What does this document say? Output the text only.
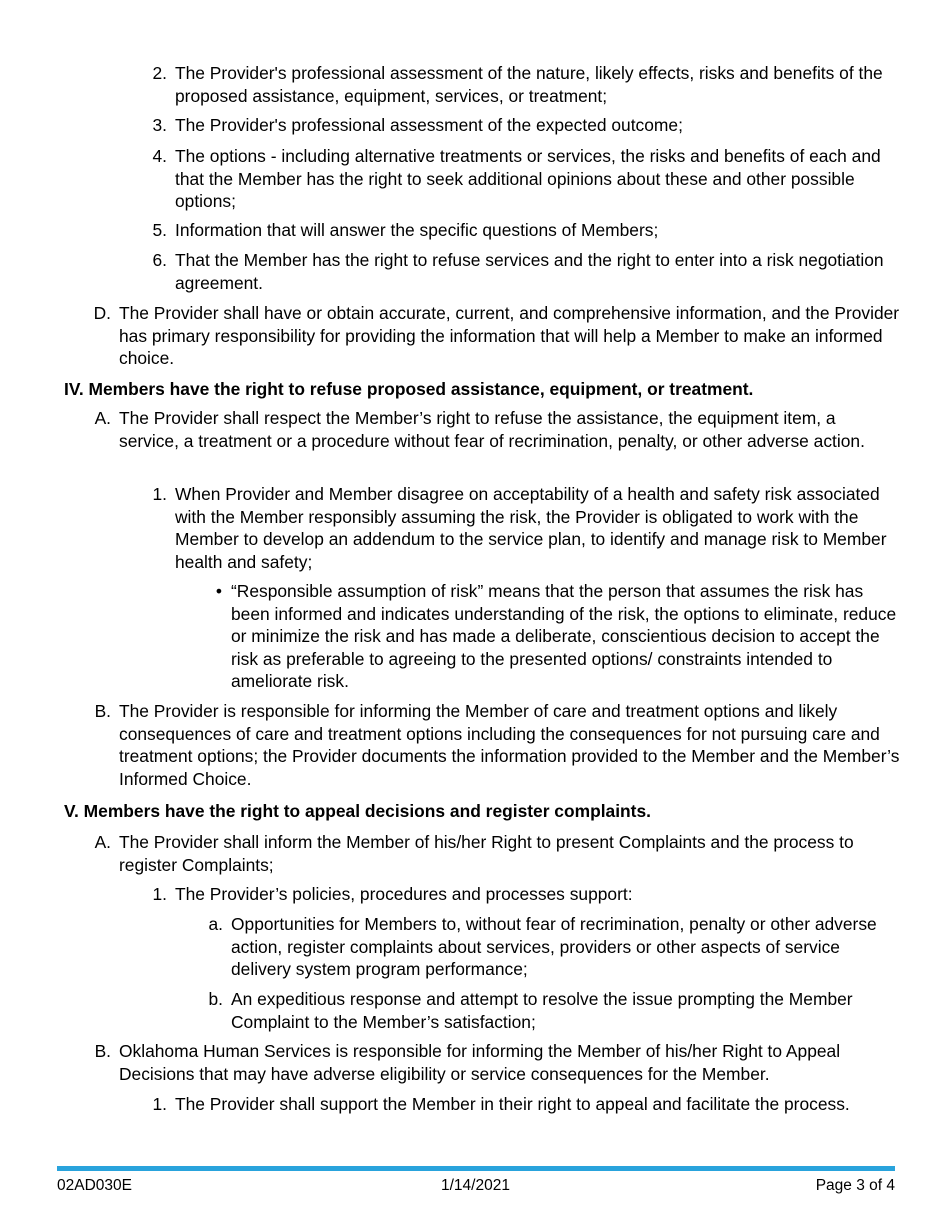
2. The Provider's professional assessment of the nature, likely effects, risks and benefits of the proposed assistance, equipment, services, or treatment;
3. The Provider's professional assessment of the expected outcome;
4. The options - including alternative treatments or services, the risks and benefits of each and that the Member has the right to seek additional opinions about these and other possible options;
5. Information that will answer the specific questions of Members;
6. That the Member has the right to refuse services and the right to enter into a risk negotiation agreement.
D. The Provider shall have or obtain accurate, current, and comprehensive information, and the Provider has primary responsibility for providing the information that will help a Member to make an informed choice.
IV. Members have the right to refuse proposed assistance, equipment, or treatment.
A. The Provider shall respect the Member’s right to refuse the assistance, the equipment item, a service, a treatment or a procedure without fear of recrimination, penalty, or other adverse action.
1. When Provider and Member disagree on acceptability of a health and safety risk associated with the Member responsibly assuming the risk, the Provider is obligated to work with the Member to develop an addendum to the service plan, to identify and manage risk to Member health and safety;
• “Responsible assumption of risk” means that the person that assumes the risk has been informed and indicates understanding of the risk, the options to eliminate, reduce or minimize the risk and has made a deliberate, conscientious decision to accept the risk as preferable to agreeing to the presented options/ constraints intended to ameliorate risk.
B. The Provider is responsible for informing the Member of care and treatment options and likely consequences of care and treatment options including the consequences for not pursuing care and treatment options; the Provider documents the information provided to the Member and the Member’s Informed Choice.
V. Members have the right to appeal decisions and register complaints.
A. The Provider shall inform the Member of his/her Right to present Complaints and the process to register Complaints;
1. The Provider’s policies, procedures and processes support:
a. Opportunities for Members to, without fear of recrimination, penalty or other adverse action, register complaints about services, providers or other aspects of service delivery system program performance;
b. An expeditious response and attempt to resolve the issue prompting the Member Complaint to the Member’s satisfaction;
B. Oklahoma Human Services is responsible for informing the Member of his/her Right to Appeal Decisions that may have adverse eligibility or service consequences for the Member.
1. The Provider shall support the Member in their right to appeal and facilitate the process.
02AD030E	1/14/2021	Page 3 of 4
